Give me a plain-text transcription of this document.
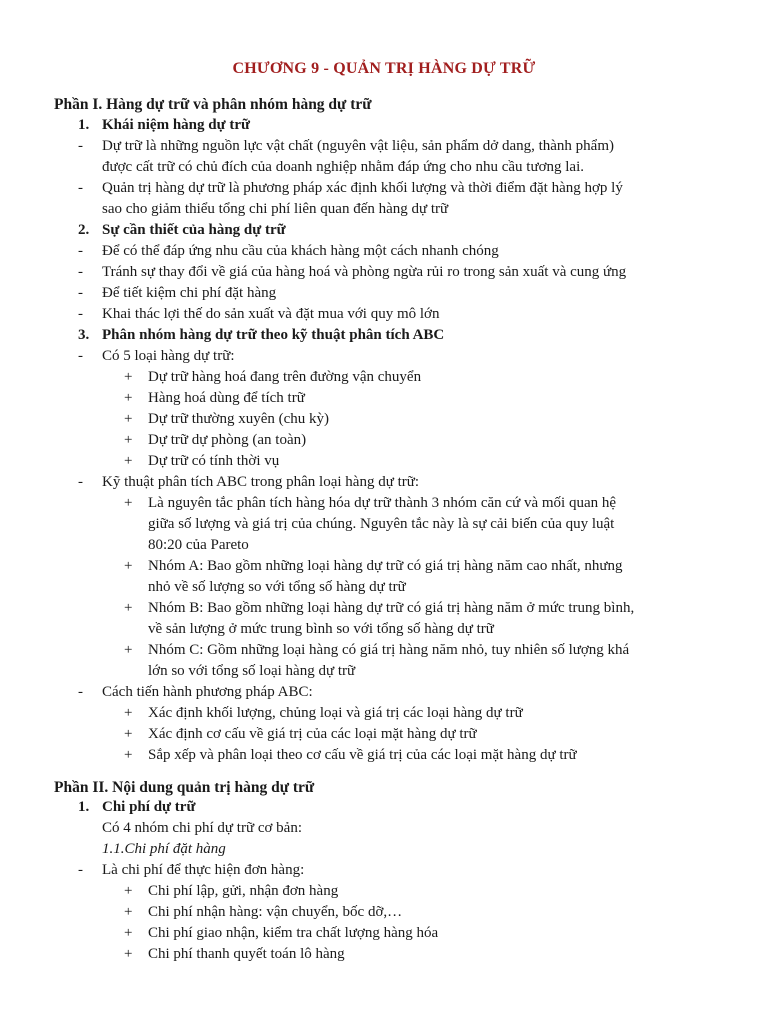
CHƯƠNG 9 - QUẢN TRỊ HÀNG DỰ TRỮ
Phần I. Hàng dự trữ và phân nhóm hàng dự trữ
1. Khái niệm hàng dự trữ
- Dự trữ là những nguồn lực vật chất (nguyên vật liệu, sản phẩm dở dang, thành phẩm)
được cất trữ có chủ đích của doanh nghiệp nhằm đáp ứng cho nhu cầu tương lai.
- Quản trị hàng dự trữ là phương pháp xác định khối lượng và thời điểm đặt hàng hợp lý
sao cho giảm thiểu tổng chi phí liên quan đến hàng dự trữ
2. Sự cần thiết của hàng dự trữ
- Để có thể đáp ứng nhu cầu của khách hàng một cách nhanh chóng
- Tránh sự thay đổi về giá của hàng hoá và phòng ngừa rủi ro trong sản xuất và cung ứng
- Để tiết kiệm chi phí đặt hàng
- Khai thác lợi thế do sản xuất và đặt mua với quy mô lớn
3. Phân nhóm hàng dự trữ theo kỹ thuật phân tích ABC
- Có 5 loại hàng dự trữ:
+ Dự trữ hàng hoá đang trên đường vận chuyển
+ Hàng hoá dùng để tích trữ
+ Dự trữ thường xuyên (chu kỳ)
+ Dự trữ dự phòng (an toàn)
+ Dự trữ có tính thời vụ
- Kỹ thuật phân tích ABC trong phân loại hàng dự trữ:
+ Là nguyên tắc phân tích hàng hóa dự trữ thành 3 nhóm căn cứ và mối quan hệ
giữa số lượng và giá trị của chúng. Nguyên tắc này là sự cải biến của quy luật
80:20 của Pareto
+ Nhóm A: Bao gồm những loại hàng dự trữ có giá trị hàng năm cao nhất, nhưng
nhỏ về số lượng so với tổng số hàng dự trữ
+ Nhóm B: Bao gồm những loại hàng dự trữ có giá trị hàng năm ở mức trung bình,
về sản lượng ở mức trung bình so với tổng số hàng dự trữ
+ Nhóm C: Gồm những loại hàng có giá trị hàng năm nhỏ, tuy nhiên số lượng khá
lớn so với tổng số loại hàng dự trữ
- Cách tiến hành phương pháp ABC:
+ Xác định khối lượng, chủng loại và giá trị các loại hàng dự trữ
+ Xác định cơ cấu về giá trị của các loại mặt hàng dự trữ
+ Sắp xếp và phân loại theo cơ cấu về giá trị của các loại mặt hàng dự trữ
Phần II. Nội dung quản trị hàng dự trữ
1. Chi phí dự trữ
Có 4 nhóm chi phí dự trữ cơ bản:
1.1.Chi phí đặt hàng
- Là chi phí để thực hiện đơn hàng:
+ Chi phí lập, gửi, nhận đơn hàng
+ Chi phí nhận hàng: vận chuyển, bốc dỡ,…
+ Chi phí giao nhận, kiểm tra chất lượng hàng hóa
+ Chi phí thanh quyết toán lô hàng
